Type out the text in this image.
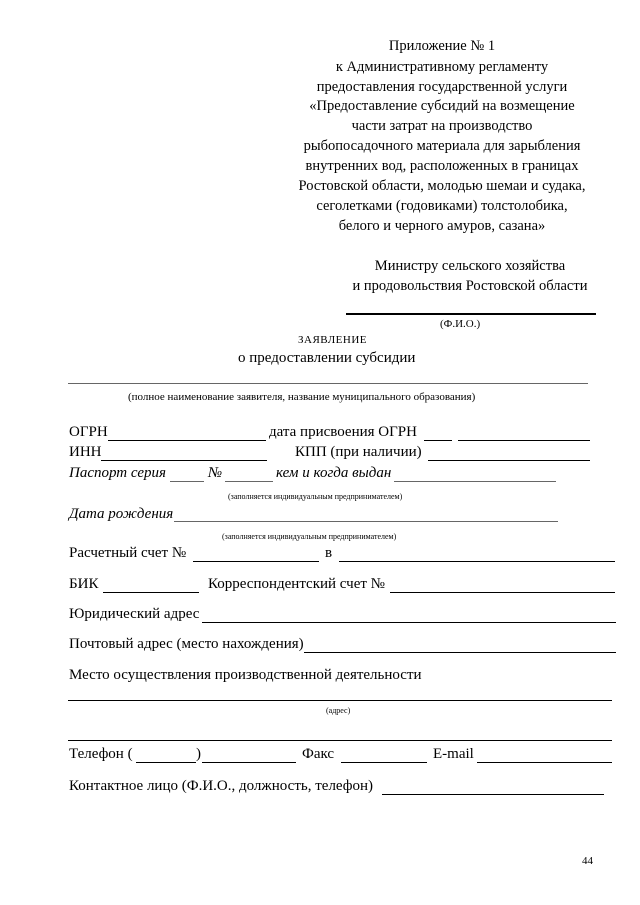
Приложение № 1
к Административному регламенту
предоставления государственной услуги
«Предоставление субсидий на возмещение
части затрат на производство
рыбопосадочного материала для зарыбления
внутренних вод, расположенных в границах
Ростовской области, молодью шемаи и судака,
сеголетками (годовиками) толстолобика,
белого и черного амуров, сазана»
Министру сельского хозяйства
и продовольствия Ростовской области
(Ф.И.О.)
ЗАЯВЛЕНИЕ
о предоставлении субсидии
(полное наименование заявителя, название муниципального образования)
ОГРН	дата присвоения ОГРН
ИНН	КПП (при наличии)
Паспорт серия	№	кем и когда выдан
(заполняется индивидуальным предпринимателем)
Дата рождения
(заполняется индивидуальным предпринимателем)
Расчетный счет №	в
БИК	Корреспондентский счет №
Юридический адрес
Почтовый адрес (место нахождения)
Место осуществления производственной деятельности
(адрес)
Телефон (	)	Факс	E-mail
Контактное лицо (Ф.И.О., должность, телефон)
44
